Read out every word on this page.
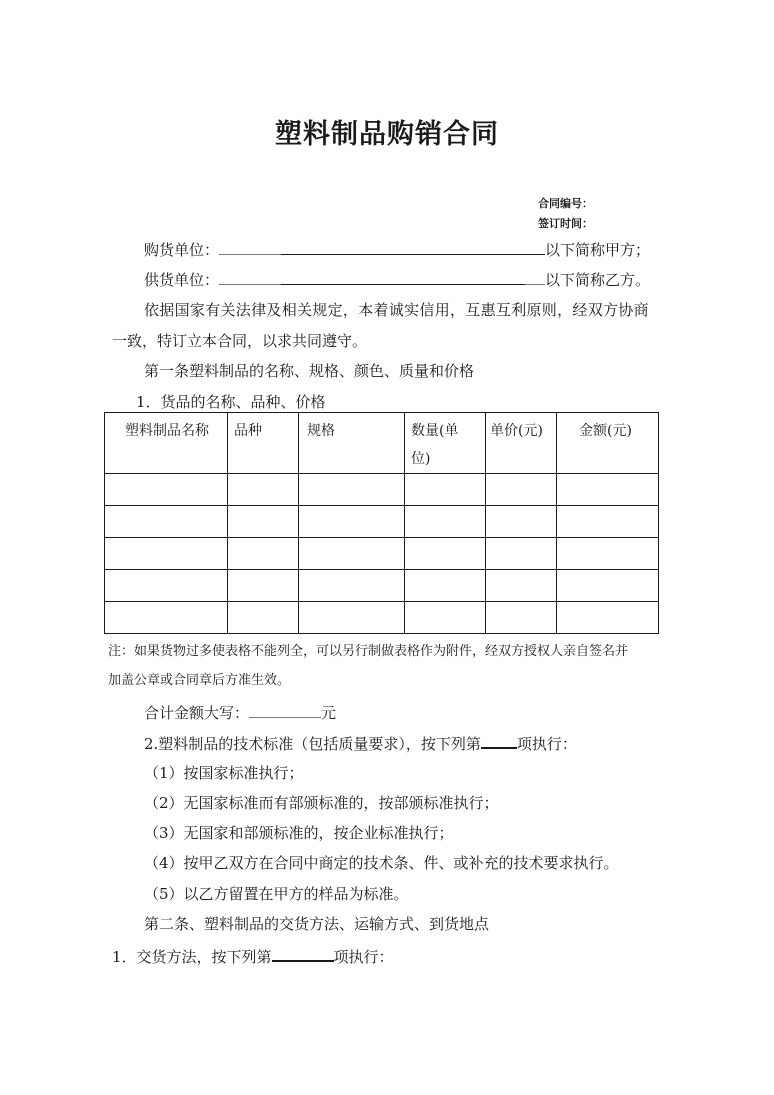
塑料制品购销合同
合同编号：
签订时间：
购货单位：	以下简称甲方；
供货单位：	以下简称乙方。
依据国家有关法律及相关规定，本着诚实信用，互惠互利原则，经双方协商
一致，特订立本合同，以求共同遵守。
第一条塑料制品的名称、规格、颜色、质量和价格
1．货品的名称、品种、价格
塑料制品名称	品种	规格	数量(单位)	单价(元)	金额(元)

注：如果货物过多使表格不能列全，可以另行制做表格作为附件，经双方授权人亲自签名并
加盖公章或合同章后方准生效。
合计金额大写：	元
2.塑料制品的技术标准（包括质量要求），按下列第 项执行：
（1）按国家标准执行；
（2）无国家标准而有部颁标准的，按部颁标准执行；
（3）无国家和部颁标准的，按企业标准执行；
（4）按甲乙双方在合同中商定的技术条、件、或补充的技术要求执行。
（5）以乙方留置在甲方的样品为标准。
第二条、塑料制品的交货方法、运输方式、到货地点
1．交货方法，按下列第	项执行：
